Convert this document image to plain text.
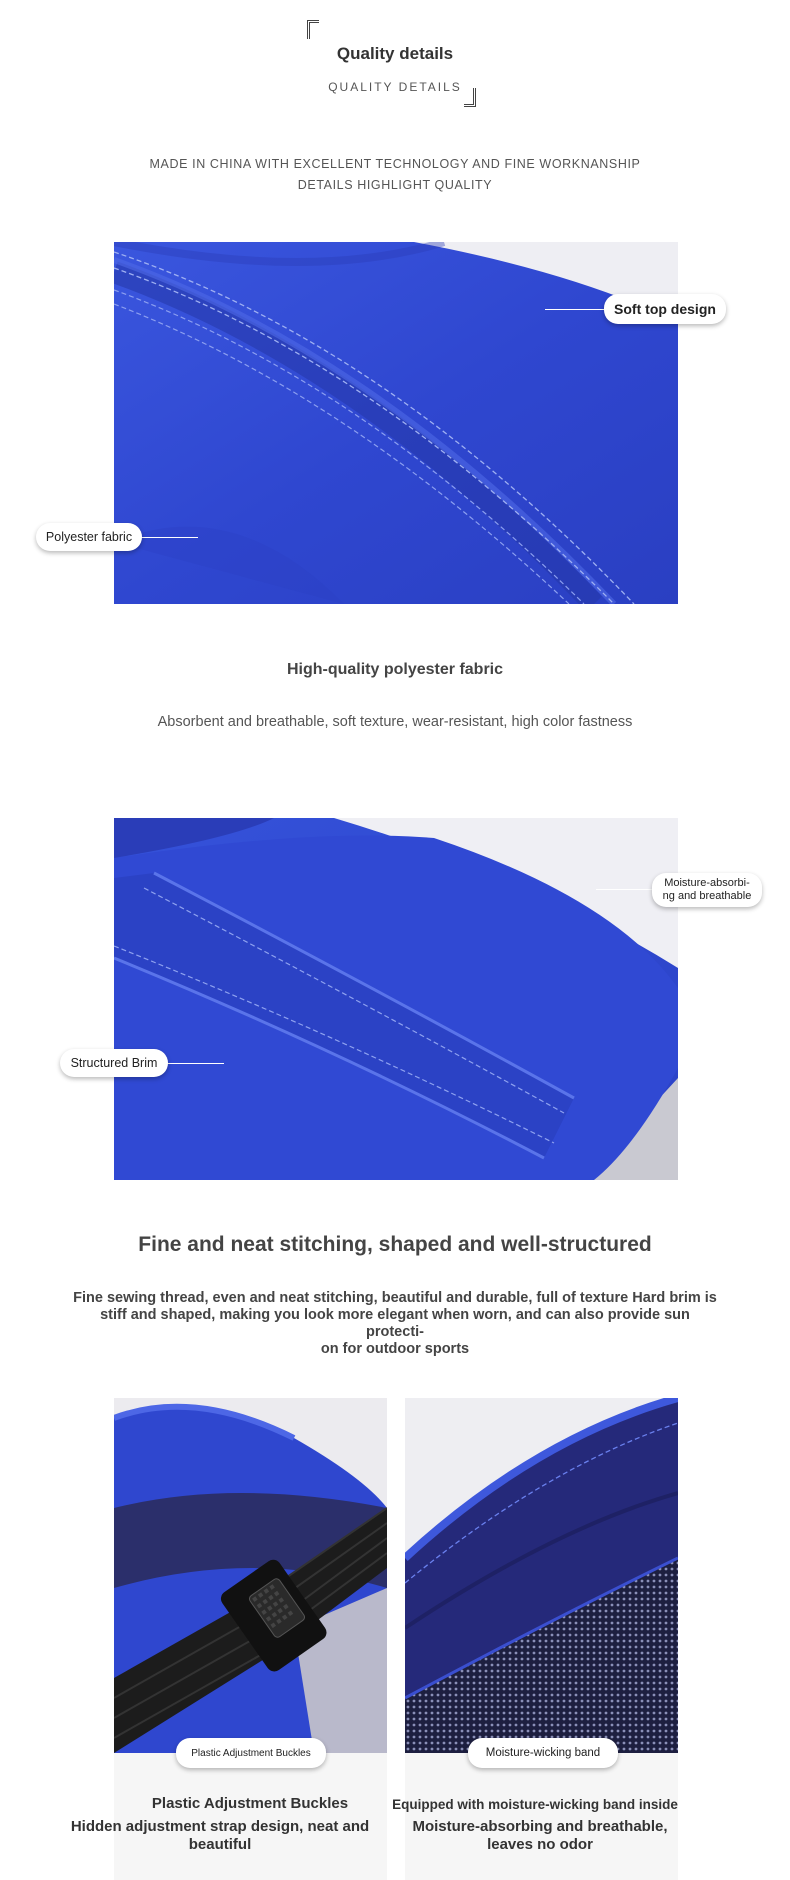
Quality details
QUALITY DETAILS
MADE IN CHINA WITH EXCELLENT TECHNOLOGY AND FINE WORKNANSHIP
DETAILS HIGHLIGHT QUALITY
Soft top design
Polyester fabric
High-quality polyester fabric
Absorbent and breathable, soft texture, wear-resistant, high color fastness
Moisture-absorbi-
ng and breathable
Structured Brim
Fine and neat stitching, shaped and well-structured
Fine sewing thread, even and neat stitching, beautiful and durable, full of texture Hard brim is
stiff and shaped, making you look more elegant when worn, and can also provide sun protecti-
on for outdoor sports
Plastic Adjustment Buckles	Moisture-wicking band
Plastic Adjustment Buckles
Hidden adjustment strap design, neat and beautiful
Equipped with moisture-wicking band inside
Moisture-absorbing and breathable,
leaves no odor
